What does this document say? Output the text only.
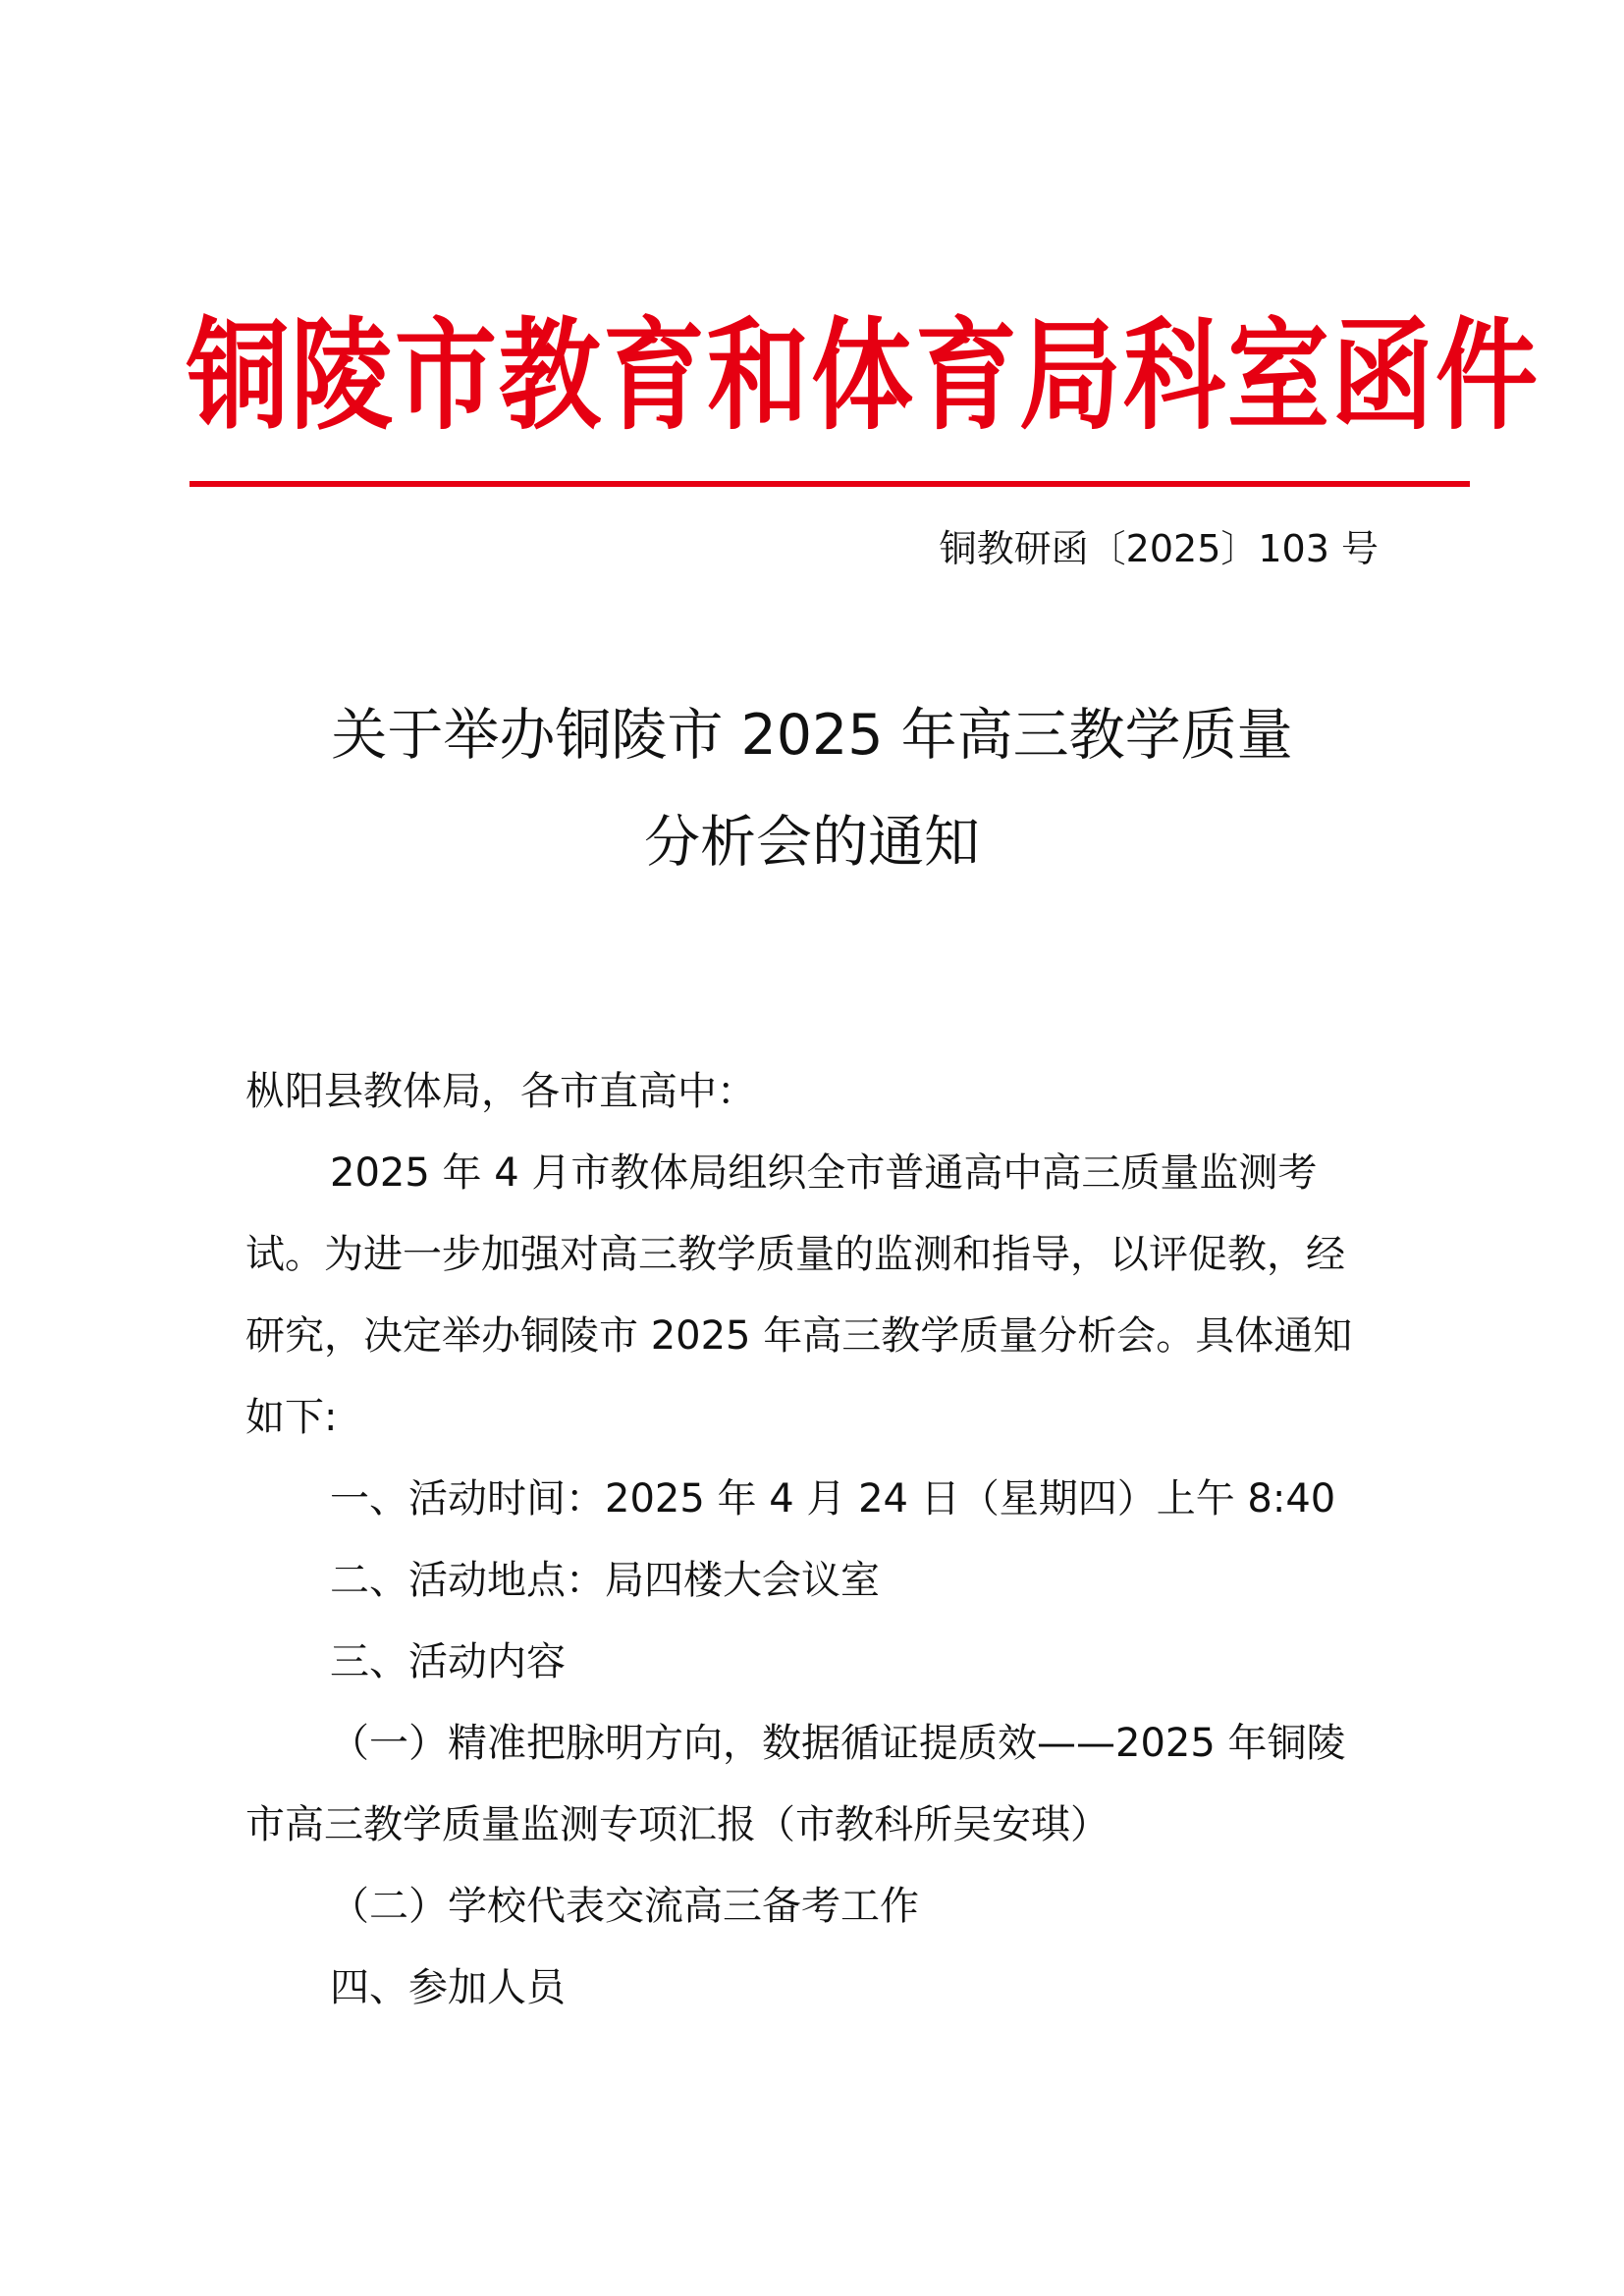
铜陵市教育和体育局科室函件
铜教研函〔2025〕103 号
关于举办铜陵市 2025 年高三教学质量
分析会的通知

枞阳县教体局，各市直高中：

2025 年 4 月市教体局组织全市普通高中高三质量监测考试。为进一步加强对高三教学质量的监测和指导，以评促教，经研究，决定举办铜陵市 2025 年高三教学质量分析会。具体通知如下:

一、活动时间：2025 年 4 月 24 日（星期四）上午 8:40

二、活动地点：局四楼大会议室

三、活动内容

（一）精准把脉明方向，数据循证提质效——2025 年铜陵市高三教学质量监测专项汇报（市教科所吴安琪）

（二）学校代表交流高三备考工作

四、参加人员
